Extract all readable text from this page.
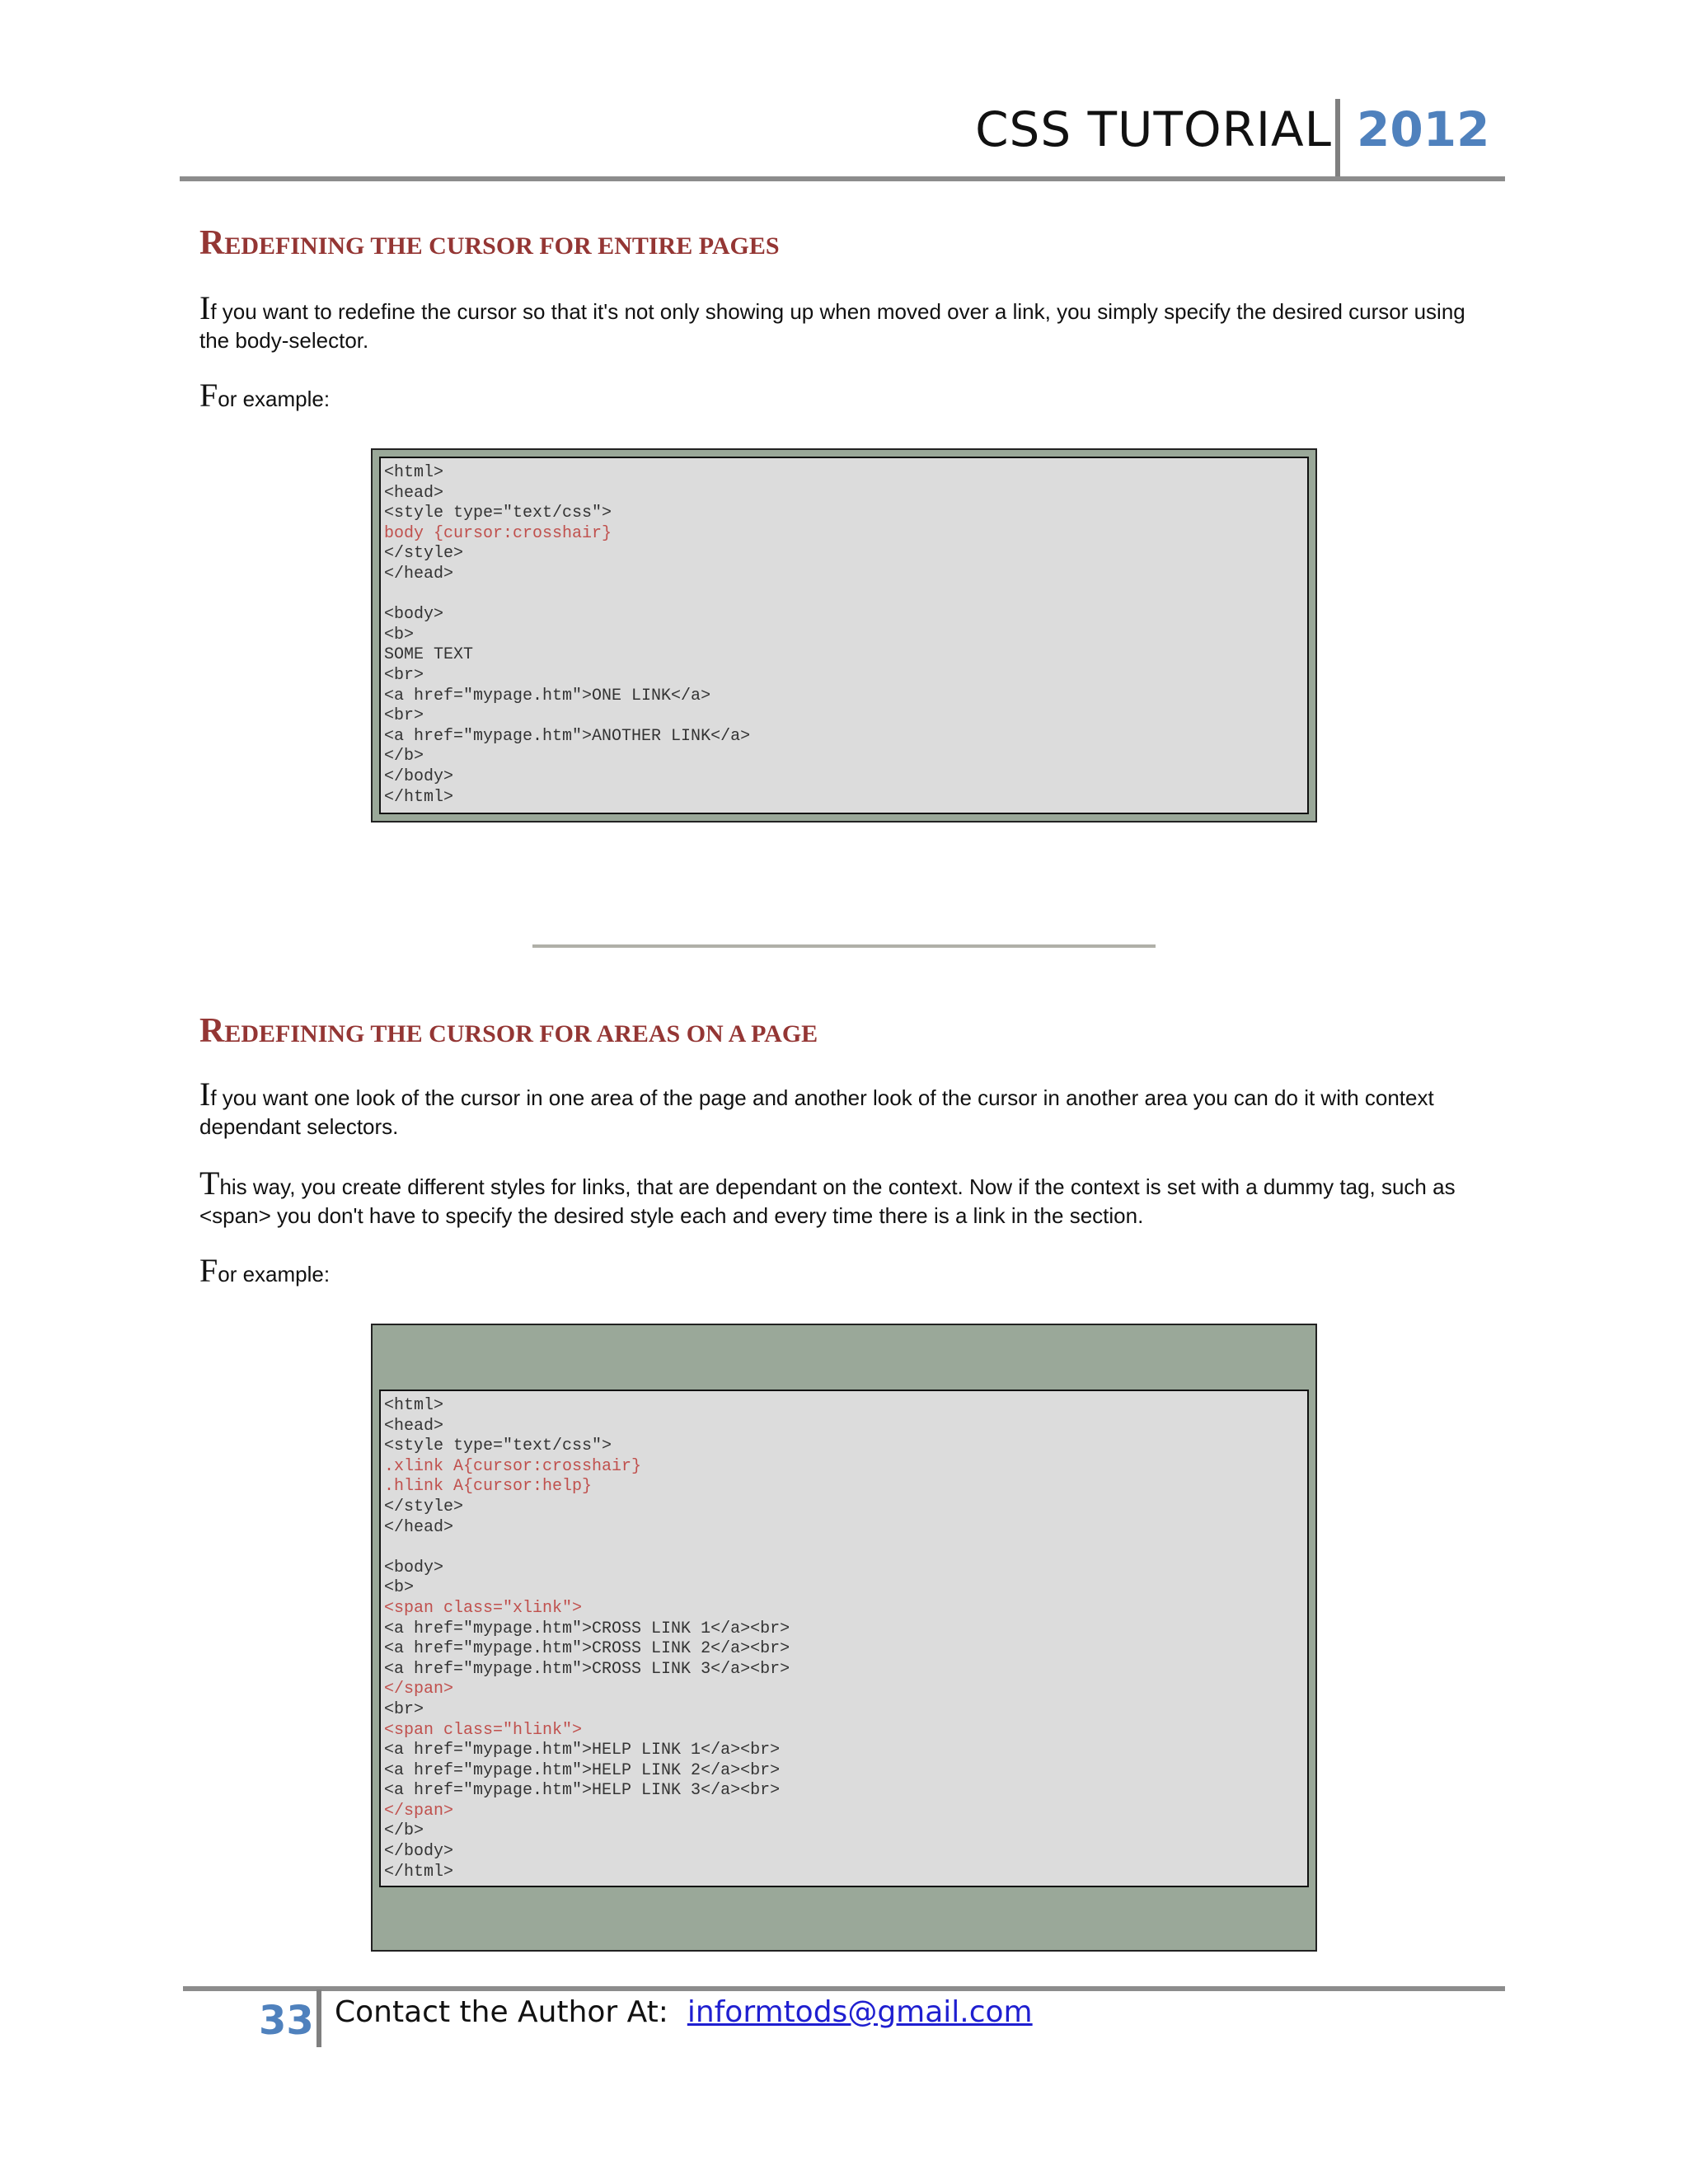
CSS TUTORIAL 2012
REDEFINING THE CURSOR FOR ENTIRE PAGES
If you want to redefine the cursor so that it's not only showing up when moved over a link, you simply specify the desired cursor using the body-selector.
For example:
<html>
<head>
<style type="text/css">
body {cursor:crosshair}
</style>
</head>
<body>
<b>
SOME TEXT
<br>
<a href="mypage.htm">ONE LINK</a>
<br>
<a href="mypage.htm">ANOTHER LINK</a>
</b>
</body>
</html>
REDEFINING THE CURSOR FOR AREAS ON A PAGE
If you want one look of the cursor in one area of the page and another look of the cursor in another area you can do it with context dependant selectors.
This way, you create different styles for links, that are dependant on the context. Now if the context is set with a dummy tag, such as <span> you don't have to specify the desired style each and every time there is a link in the section.
For example:
<html>
<head>
<style type="text/css">
.xlink A{cursor:crosshair}
.hlink A{cursor:help}
</style>
</head>
<body>
<b>
<span class="xlink">
<a href="mypage.htm">CROSS LINK 1</a><br>
<a href="mypage.htm">CROSS LINK 2</a><br>
<a href="mypage.htm">CROSS LINK 3</a><br>
</span>
<br>
<span class="hlink">
<a href="mypage.htm">HELP LINK 1</a><br>
<a href="mypage.htm">HELP LINK 2</a><br>
<a href="mypage.htm">HELP LINK 3</a><br>
</span>
</b>
</body>
</html>
33 Contact the Author At: informtods@gmail.com
